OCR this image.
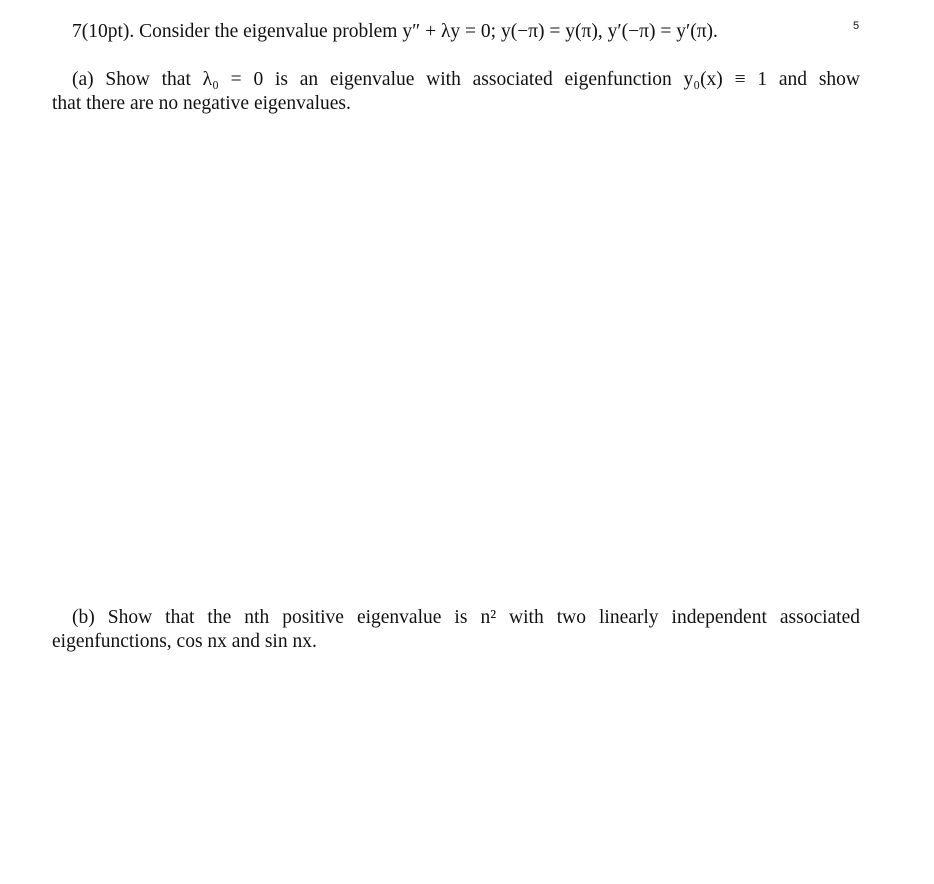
7(10pt). Consider the eigenvalue problem y″ + λy = 0; y(−π) = y(π), y′(−π) = y′(π).	5
(a) Show that λ₀ = 0 is an eigenvalue with associated eigenfunction y₀(x) ≡ 1 and show
that there are no negative eigenvalues.
(b) Show that the nth positive eigenvalue is n² with two linearly independent associated
eigenfunctions, cos nx and sin nx.
